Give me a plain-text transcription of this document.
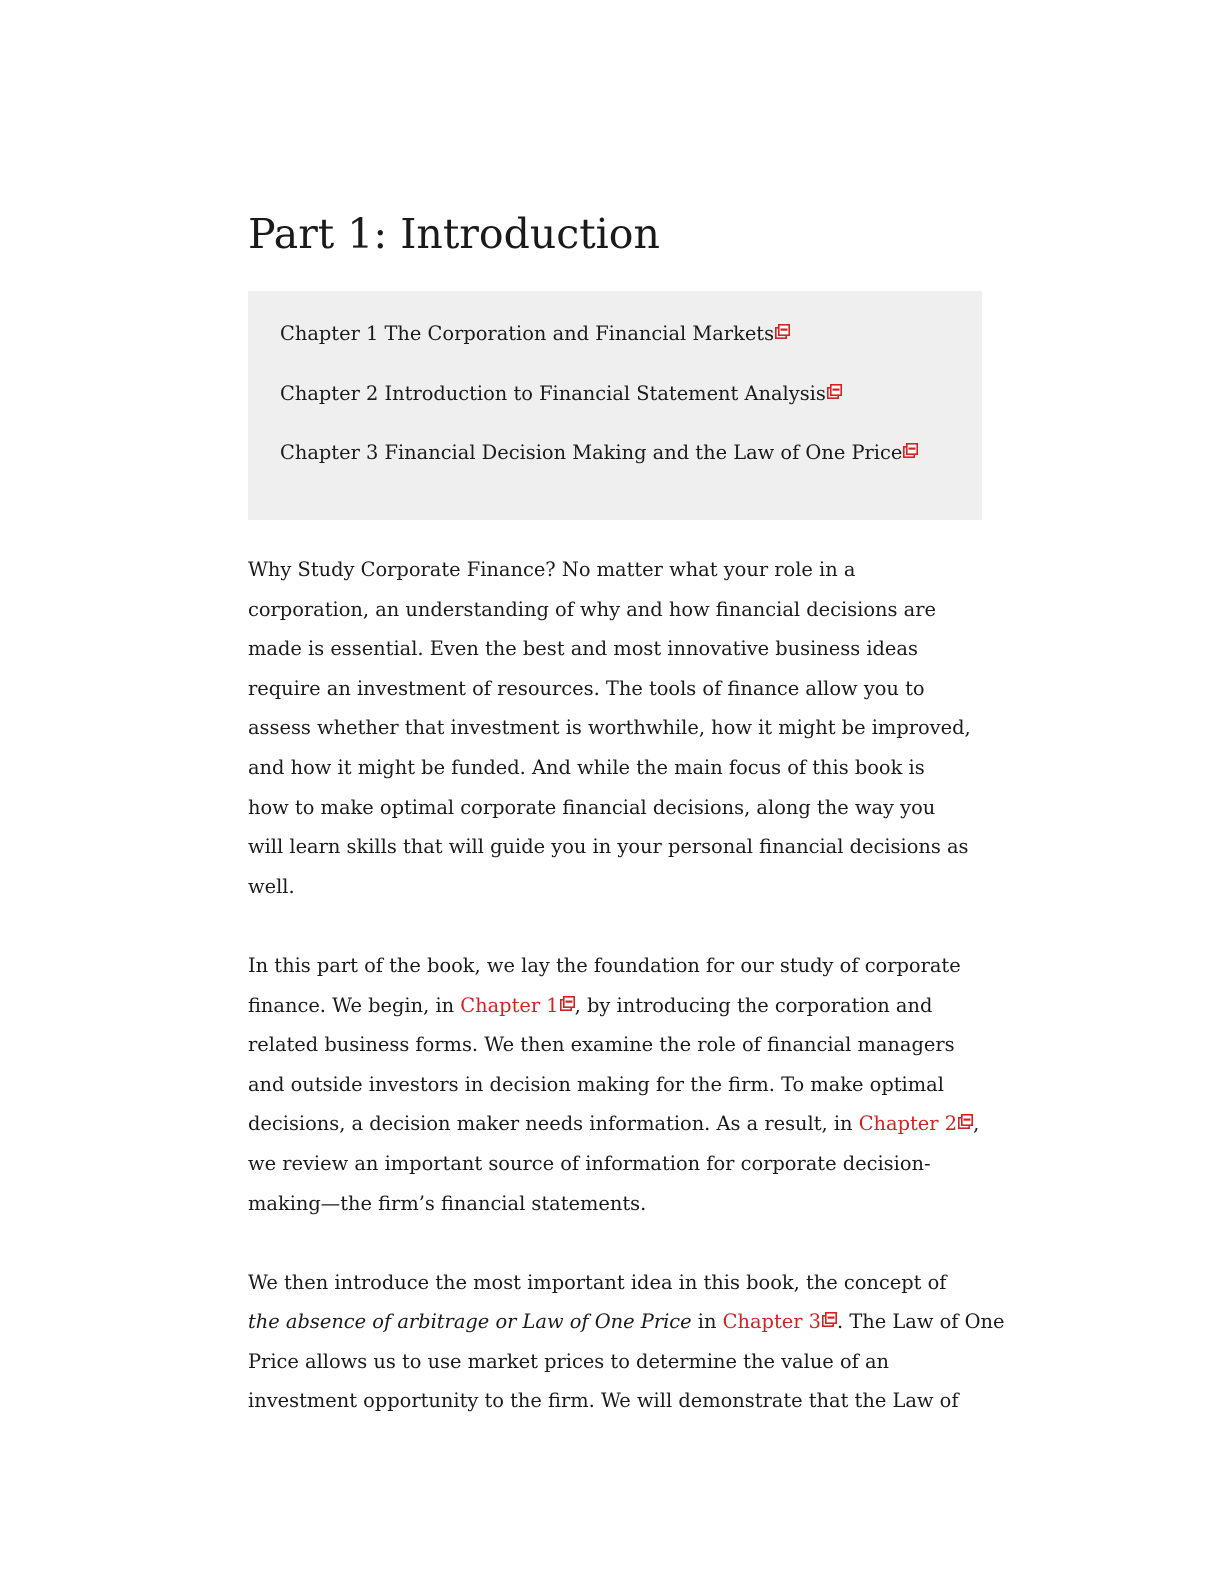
Part 1: Introduction
Chapter 1 The Corporation and Financial Markets
Chapter 2 Introduction to Financial Statement Analysis
Chapter 3 Financial Decision Making and the Law of One Price

Why Study Corporate Finance? No matter what your role in a
corporation, an understanding of why and how financial decisions are
made is essential. Even the best and most innovative business ideas
require an investment of resources. The tools of finance allow you to
assess whether that investment is worthwhile, how it might be improved,
and how it might be funded. And while the main focus of this book is
how to make optimal corporate financial decisions, along the way you
will learn skills that will guide you in your personal financial decisions as
well.

In this part of the book, we lay the foundation for our study of corporate
finance. We begin, in Chapter 1 , by introducing the corporation and
related business forms. We then examine the role of financial managers
and outside investors in decision making for the firm. To make optimal
decisions, a decision maker needs information. As a result, in Chapter 2 ,
we review an important source of information for corporate decision-
making—the firm’s financial statements.

We then introduce the most important idea in this book, the concept of
the absence of arbitrage or Law of One Price in Chapter 3 . The Law of One
Price allows us to use market prices to determine the value of an
investment opportunity to the firm. We will demonstrate that the Law of
